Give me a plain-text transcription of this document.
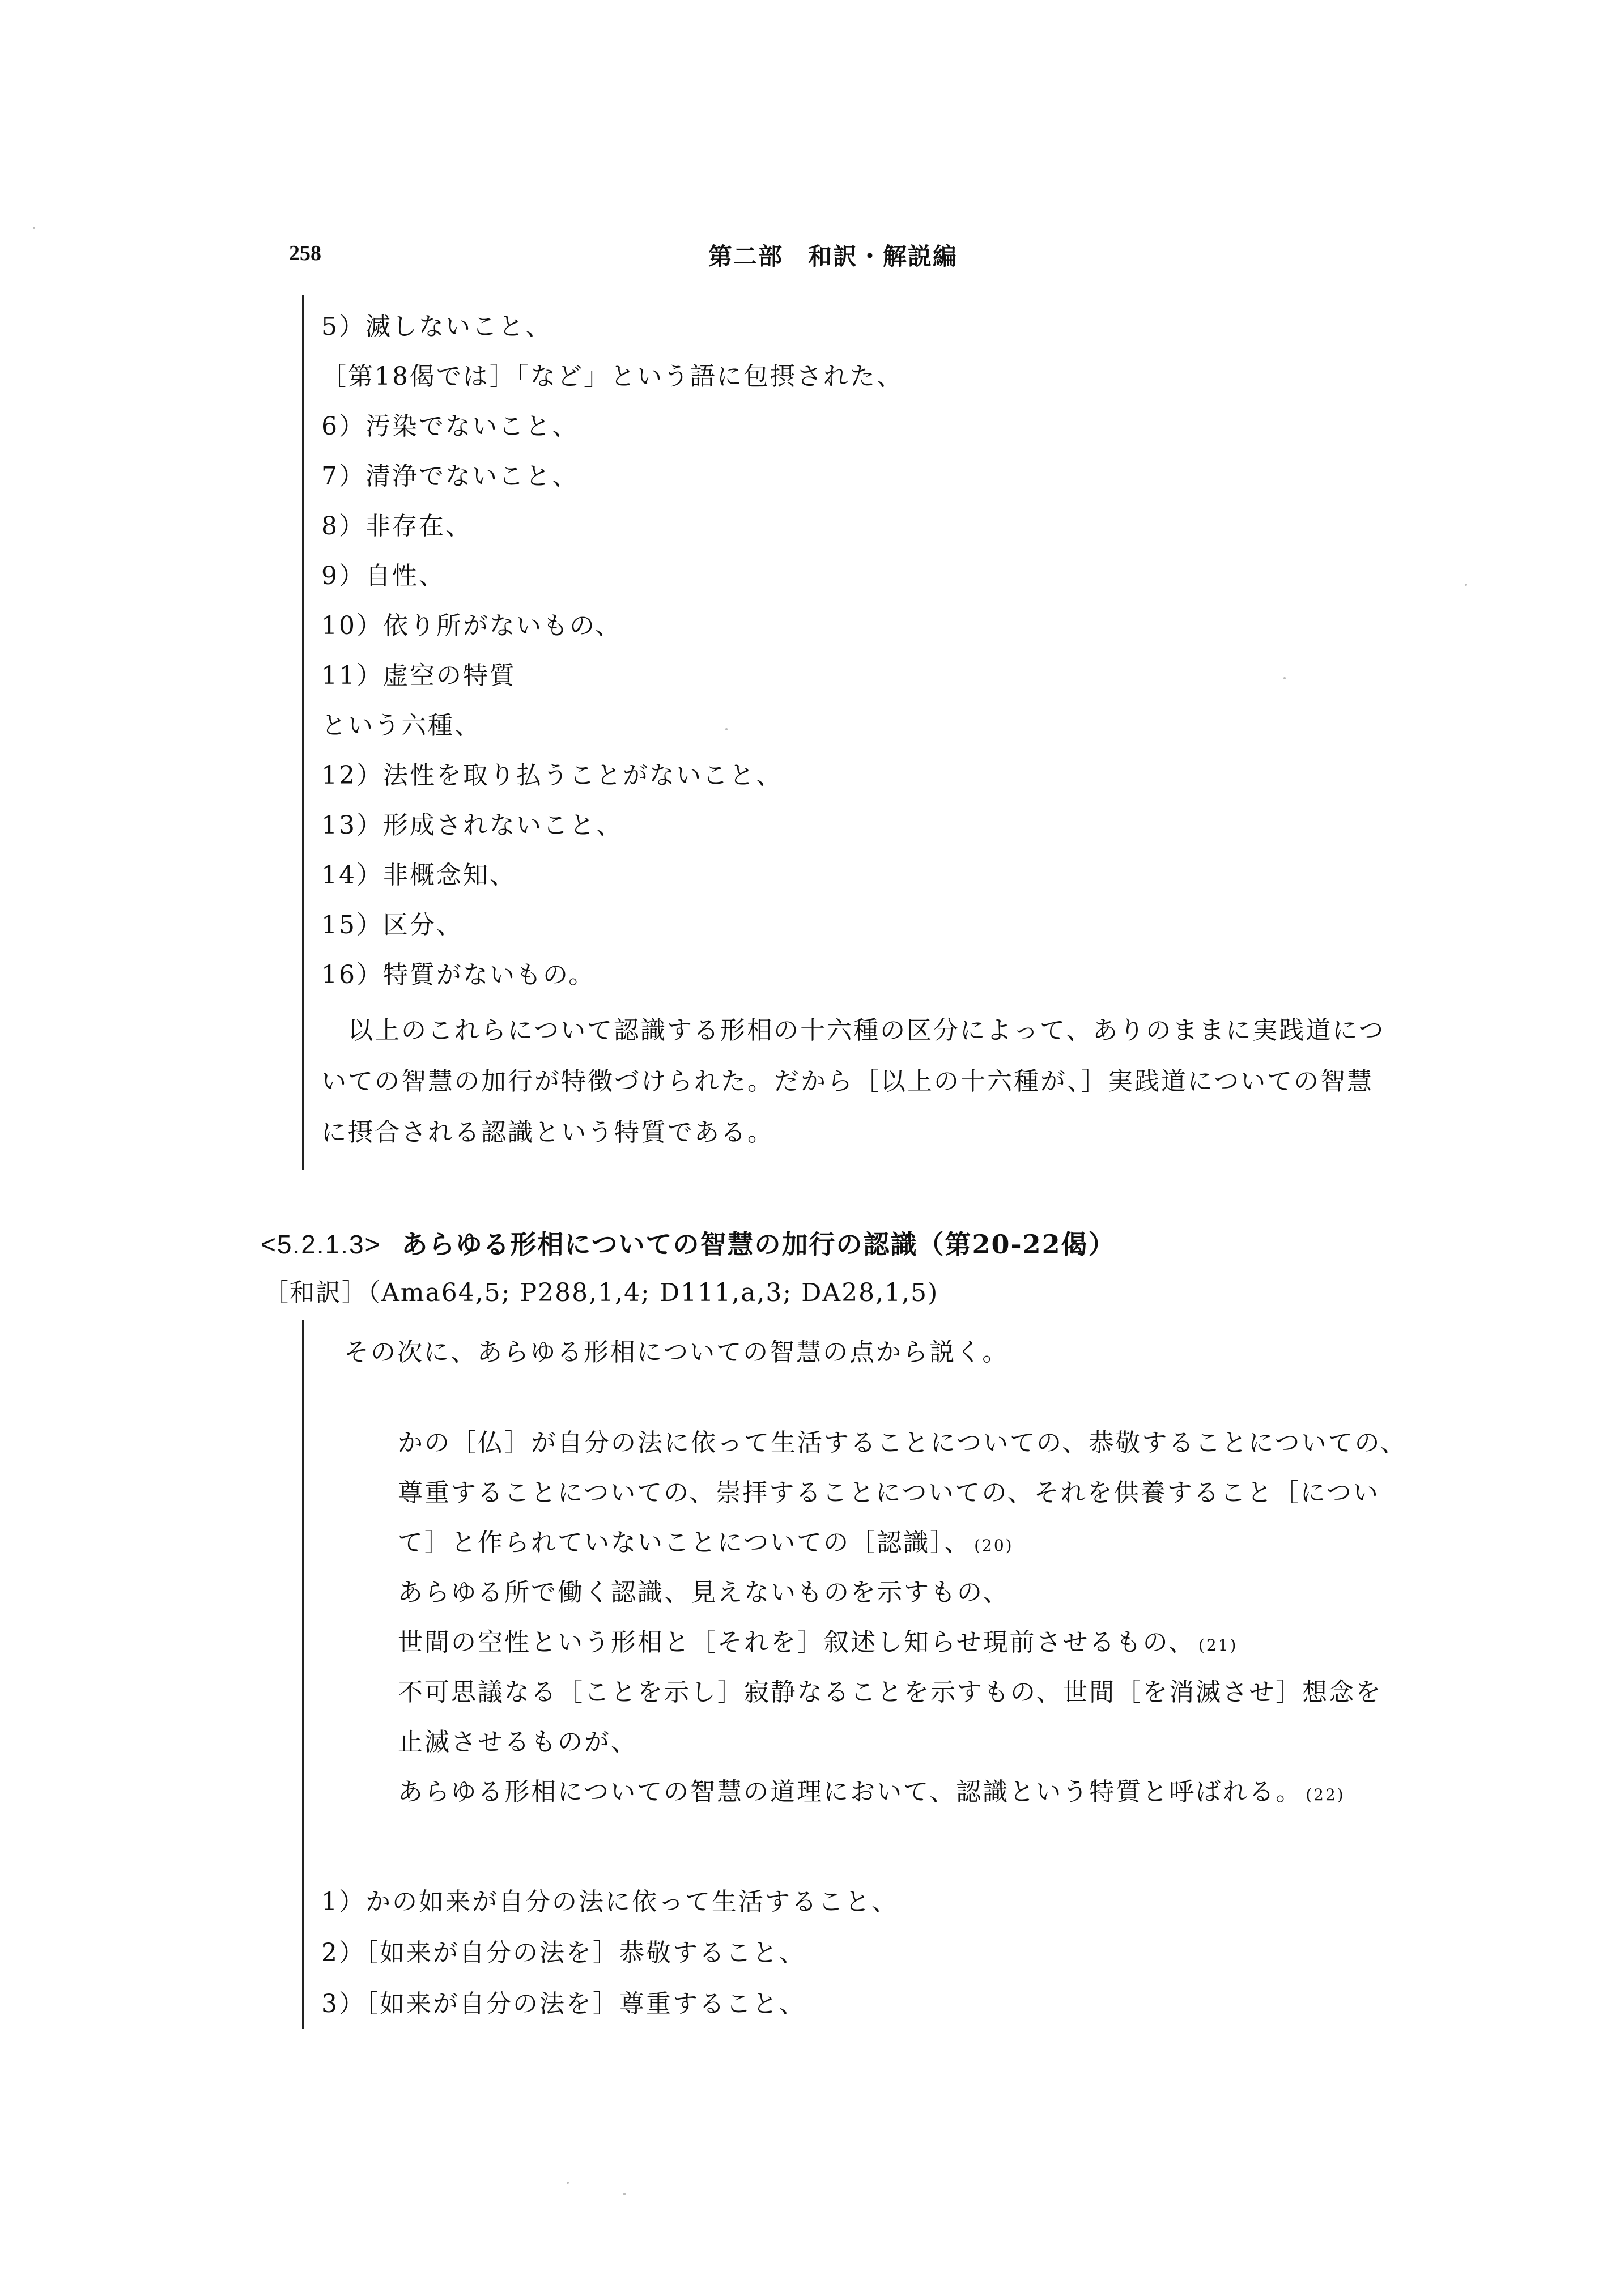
258	第二部　和訳・解説編
5）滅しないこと、
［第18偈では］「など」という語に包摂された、
6）汚染でないこと、
7）清浄でないこと、
8）非存在、
9）自性、
10）依り所がないもの、
11）虚空の特質
という六種、
12）法性を取り払うことがないこと、
13）形成されないこと、
14）非概念知、
15）区分、
16）特質がないもの。
　以上のこれらについて認識する形相の十六種の区分によって、ありのままに実践道につ
いての智慧の加行が特徴づけられた。だから［以上の十六種が、］実践道についての智慧
に摂合される認識という特質である。
<5.2.1.3> あらゆる形相についての智慧の加行の認識（第20-22偈）
［和訳］（Ama64,5; P288,1,4; D111,a,3; DA28,1,5)
その次に、あらゆる形相についての智慧の点から説く。
かの［仏］が自分の法に依って生活することについての、恭敬することについての、
尊重することについての、崇拝することについての、それを供養すること［につい
て］と作られていないことについての［認識］、 (20)
あらゆる所で働く認識、見えないものを示すもの、
世間の空性という形相と［それを］叙述し知らせ現前させるもの、 (21)
不可思議なる［ことを示し］寂静なることを示すもの、世間［を消滅させ］想念を
止滅させるものが、
あらゆる形相についての智慧の道理において、認識という特質と呼ばれる。 (22)
1）かの如来が自分の法に依って生活すること、
2）［如来が自分の法を］恭敬すること、
3）［如来が自分の法を］尊重すること、
